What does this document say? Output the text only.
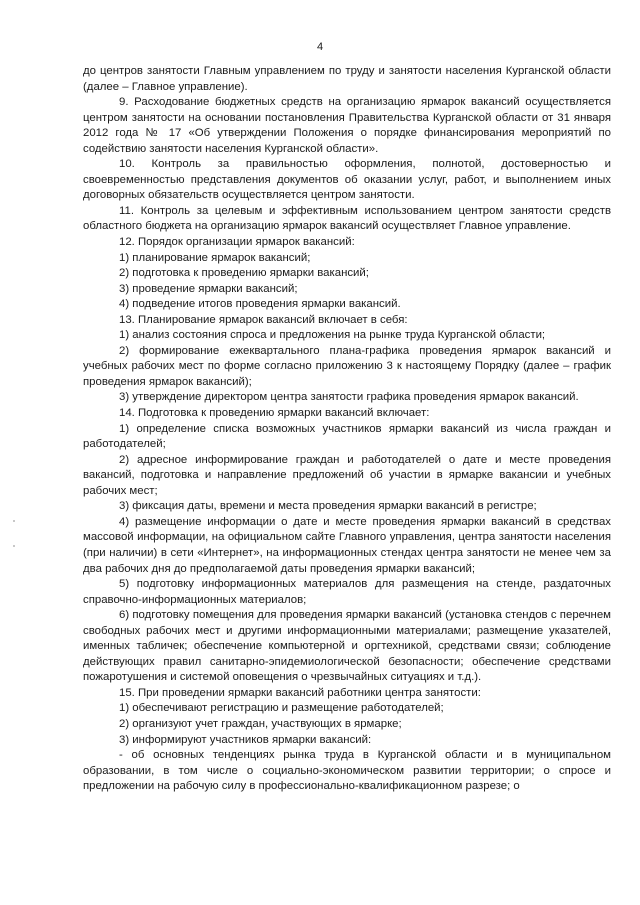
4

до центров занятости Главным управлением по труду и занятости населения Курганской области (далее – Главное управление).

9. Расходование бюджетных средств на организацию ярмарок вакансий осуществляется центром занятости на основании постановления Правительства Курганской области от 31 января 2012 года № 17 «Об утверждении Положения о порядке финансирования мероприятий по содействию занятости населения Курганской области».

10. Контроль за правильностью оформления, полнотой, достоверностью и своевременностью представления документов об оказании услуг, работ, и выполнением иных договорных обязательств осуществляется центром занятости.

11. Контроль за целевым и эффективным использованием центром занятости средств областного бюджета на организацию ярмарок вакансий осуществляет Главное управление.

12. Порядок организации ярмарок вакансий:

1) планирование ярмарок вакансий;

2) подготовка к проведению ярмарки вакансий;

3) проведение ярмарки вакансий;

4) подведение итогов проведения ярмарки вакансий.

13. Планирование ярмарок вакансий включает в себя:

1) анализ состояния спроса и предложения на рынке труда Курганской области;

2) формирование ежеквартального плана-графика проведения ярмарок вакансий и учебных рабочих мест по форме согласно приложению 3 к настоящему Порядку (далее – график проведения ярмарок вакансий);

3) утверждение директором центра занятости графика проведения ярмарок вакансий.

14. Подготовка к проведению ярмарки вакансий включает:

1) определение списка возможных участников ярмарки вакансий из числа граждан и работодателей;

2) адресное информирование граждан и работодателей о дате и месте проведения вакансий, подготовка и направление предложений об участии в ярмарке вакансии и учебных рабочих мест;

3) фиксация даты, времени и места проведения ярмарки вакансий в регистре;

4) размещение информации о дате и месте проведения ярмарки вакансий в средствах массовой информации, на официальном сайте Главного управления, центра занятости населения (при наличии) в сети «Интернет», на информационных стендах центра занятости не менее чем за два рабочих дня до предполагаемой даты проведения ярмарки вакансий;

5) подготовку информационных материалов для размещения на стенде, раздаточных справочно-информационных материалов;

6) подготовку помещения для проведения ярмарки вакансий (установка стендов с перечнем свободных рабочих мест и другими информационными материалами; размещение указателей, именных табличек; обеспечение компьютерной и оргтехникой, средствами связи; соблюдение действующих правил санитарно-эпидемиологической безопасности; обеспечение средствами пожаротушения и системой оповещения о чрезвычайных ситуациях и т.д.).

15. При проведении ярмарки вакансий работники центра занятости:

1) обеспечивают регистрацию и размещение работодателей;

2) организуют учет граждан, участвующих в ярмарке;

3) информируют участников ярмарки вакансий:

- об основных тенденциях рынка труда в Курганской области и в муниципальном образовании, в том числе о социально-экономическом развитии территории; о спросе и предложении на рабочую силу в профессионально-квалификационном разрезе; о
